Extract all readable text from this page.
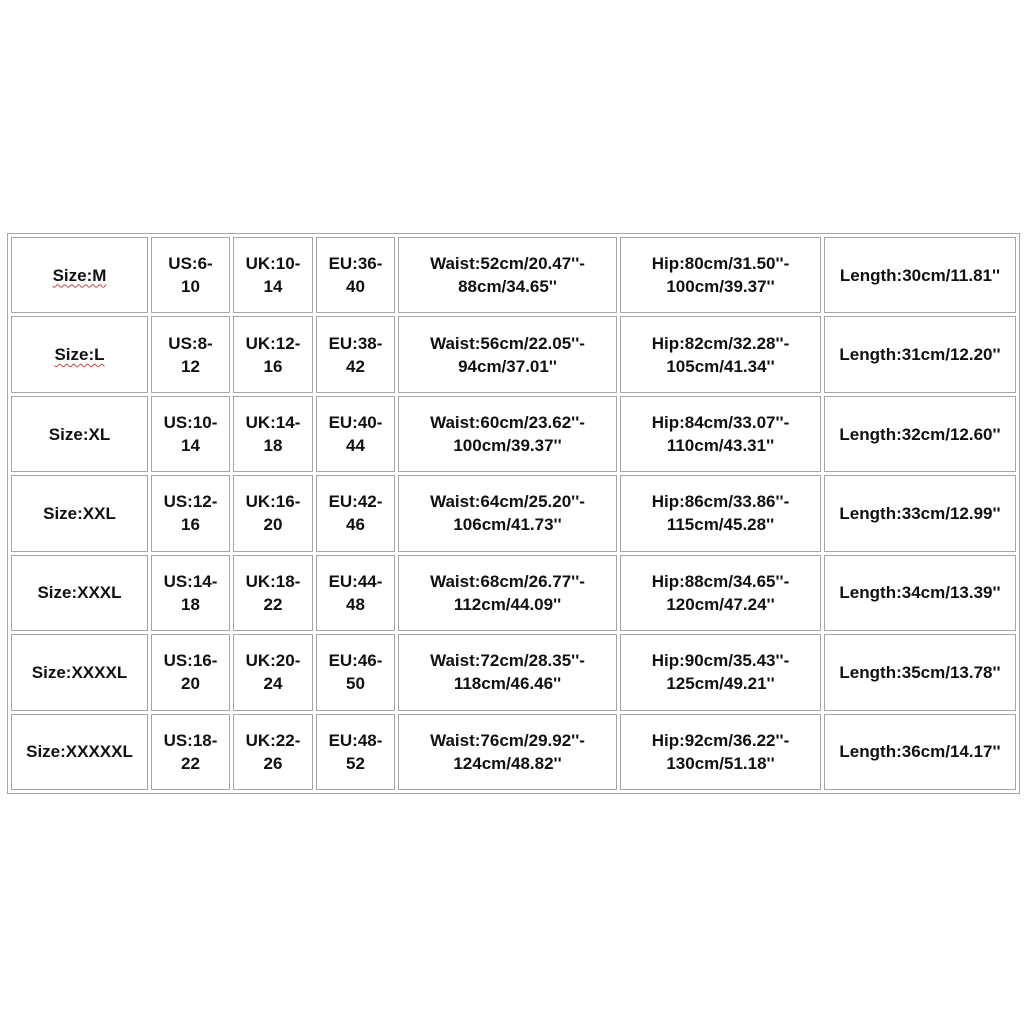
Size:M	US:6-
10	UK:10-
14	EU:36-
40	Waist:52cm/20.47''-
88cm/34.65''	Hip:80cm/31.50''-
100cm/39.37''	Length:30cm/11.81''

Size:L	US:8-
12	UK:12-
16	EU:38-
42	Waist:56cm/22.05''-
94cm/37.01''	Hip:82cm/32.28''-
105cm/41.34''	Length:31cm/12.20''

Size:XL	US:10-
14	UK:14-
18	EU:40-
44	Waist:60cm/23.62''-
100cm/39.37''	Hip:84cm/33.07''-
110cm/43.31''	Length:32cm/12.60''

Size:XXL	US:12-
16	UK:16-
20	EU:42-
46	Waist:64cm/25.20''-
106cm/41.73''	Hip:86cm/33.86''-
115cm/45.28''	Length:33cm/12.99''

Size:XXXL	US:14-
18	UK:18-
22	EU:44-
48	Waist:68cm/26.77''-
112cm/44.09''	Hip:88cm/34.65''-
120cm/47.24''	Length:34cm/13.39''

Size:XXXXL	US:16-
20	UK:20-
24	EU:46-
50	Waist:72cm/28.35''-
118cm/46.46''	Hip:90cm/35.43''-
125cm/49.21''	Length:35cm/13.78''

Size:XXXXXL	US:18-
22	UK:22-
26	EU:48-
52	Waist:76cm/29.92''-
124cm/48.82''	Hip:92cm/36.22''-
130cm/51.18''	Length:36cm/14.17''
